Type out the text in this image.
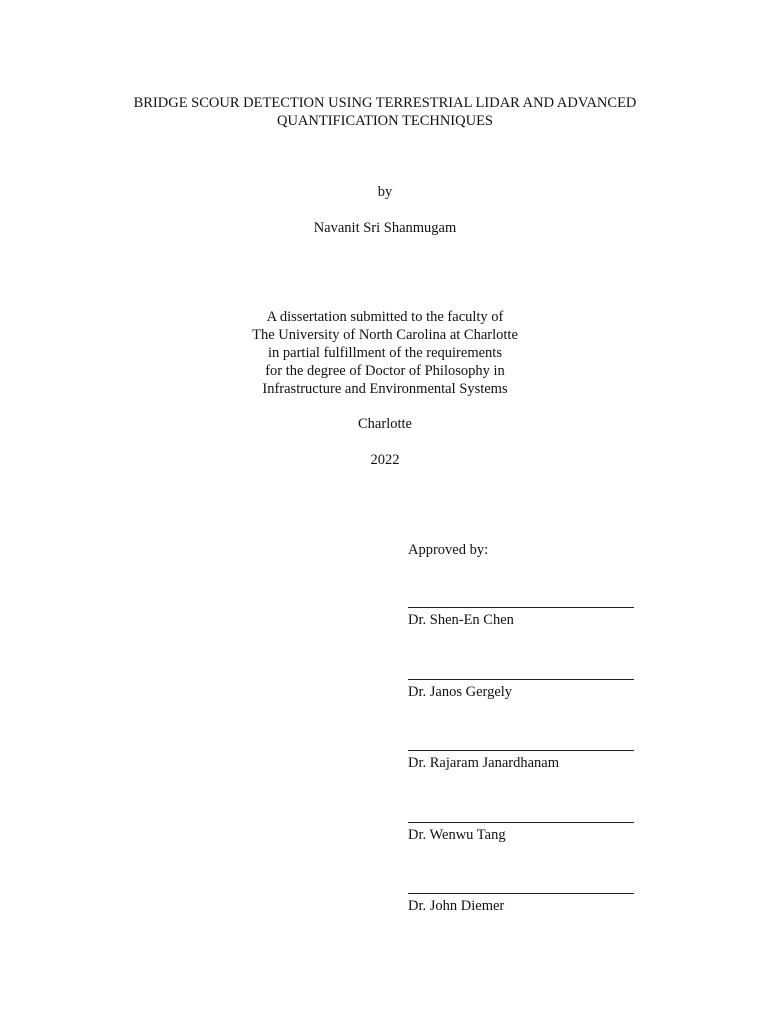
BRIDGE SCOUR DETECTION USING TERRESTRIAL LIDAR AND ADVANCED
QUANTIFICATION TECHNIQUES
by
Navanit Sri Shanmugam
A dissertation submitted to the faculty of
The University of North Carolina at Charlotte
in partial fulfillment of the requirements
for the degree of Doctor of Philosophy in
Infrastructure and Environmental Systems
Charlotte
2022
Approved by:
Dr. Shen-En Chen
Dr. Janos Gergely
Dr. Rajaram Janardhanam
Dr. Wenwu Tang
Dr. John Diemer
